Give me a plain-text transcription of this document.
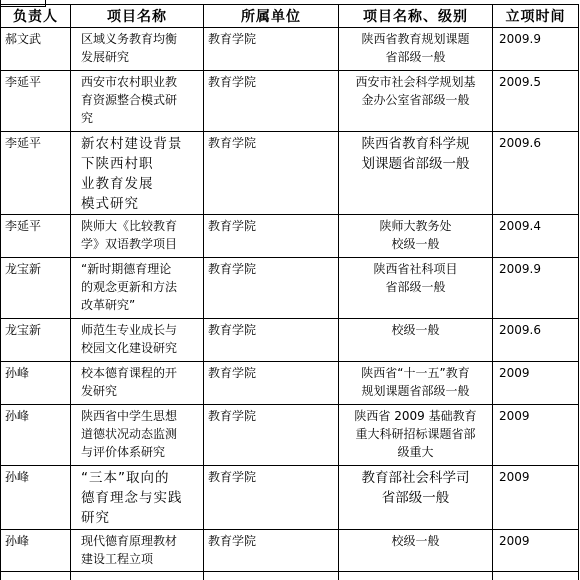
负责人	项目名称	所属单位	项目名称、级别	立项时间

郝文武	区域义务教育均衡
发展研究	教育学院	陕西省教育规划课题
省部级一般	2009.9

李延平	西安市农村职业教
育资源整合模式研
究	教育学院	西安市社会科学规划基
金办公室省部级一般	2009.5

李延平	新农村建设背景
下陕西村职
业教育发展
模式研究	教育学院	陕西省教育科学规
划课题省部级一般	2009.6

李延平	陕师大《比较教育
学》双语教学项目	教育学院	陕师大教务处
校级一般	2009.4

龙宝新	“新时期德育理论
的观念更新和方法
改革研究”	教育学院	陕西省社科项目
省部级一般	2009.9

龙宝新	师范生专业成长与
校园文化建设研究	教育学院	校级一般	2009.6

孙峰	校本德育课程的开
发研究	教育学院	陕西省“十一五”教育
规划课题省部级一般	2009

孙峰	陕西省中学生思想
道德状况动态监测
与评价体系研究	教育学院	陕西省 2009 基础教育
重大科研招标课题省部
级重大	2009

孙峰	“三本”取向的
德育理念与实践
研究	教育学院	教育部社会科学司
省部级一般	2009

孙峰	现代德育原理教材
建设工程立项	教育学院	校级一般	2009
